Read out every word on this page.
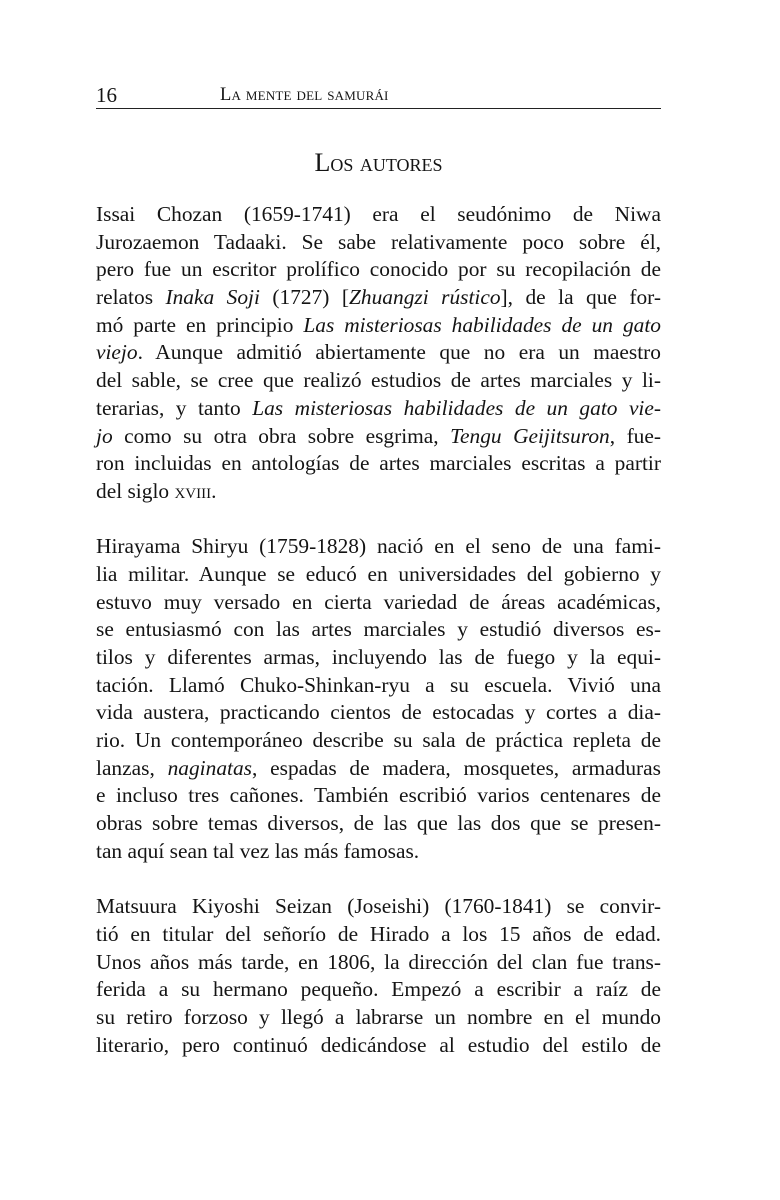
16	La mente del samurái
Los autores

Issai Chozan (1659-1741) era el seudónimo de Niwa
Jurozaemon Tadaaki. Se sabe relativamente poco sobre él,
pero fue un escritor prolífico conocido por su recopilación de
relatos Inaka Soji (1727) [Zhuangzi rústico], de la que for-
mó parte en principio Las misteriosas habilidades de un gato
viejo. Aunque admitió abiertamente que no era un maestro
del sable, se cree que realizó estudios de artes marciales y li-
terarias, y tanto Las misteriosas habilidades de un gato vie-
jo como su otra obra sobre esgrima, Tengu Geijitsuron, fue-
ron incluidas en antologías de artes marciales escritas a partir
del siglo xviii.

Hirayama Shiryu (1759-1828) nació en el seno de una fami-
lia militar. Aunque se educó en universidades del gobierno y
estuvo muy versado en cierta variedad de áreas académicas,
se entusiasmó con las artes marciales y estudió diversos es-
tilos y diferentes armas, incluyendo las de fuego y la equi-
tación. Llamó Chuko-Shinkan-ryu a su escuela. Vivió una
vida austera, practicando cientos de estocadas y cortes a dia-
rio. Un contemporáneo describe su sala de práctica repleta de
lanzas, naginatas, espadas de madera, mosquetes, armaduras
e incluso tres cañones. También escribió varios centenares de
obras sobre temas diversos, de las que las dos que se presen-
tan aquí sean tal vez las más famosas.

Matsuura Kiyoshi Seizan (Joseishi) (1760-1841) se convir-
tió en titular del señorío de Hirado a los 15 años de edad.
Unos años más tarde, en 1806, la dirección del clan fue trans-
ferida a su hermano pequeño. Empezó a escribir a raíz de
su retiro forzoso y llegó a labrarse un nombre en el mundo
literario, pero continuó dedicándose al estudio del estilo de
